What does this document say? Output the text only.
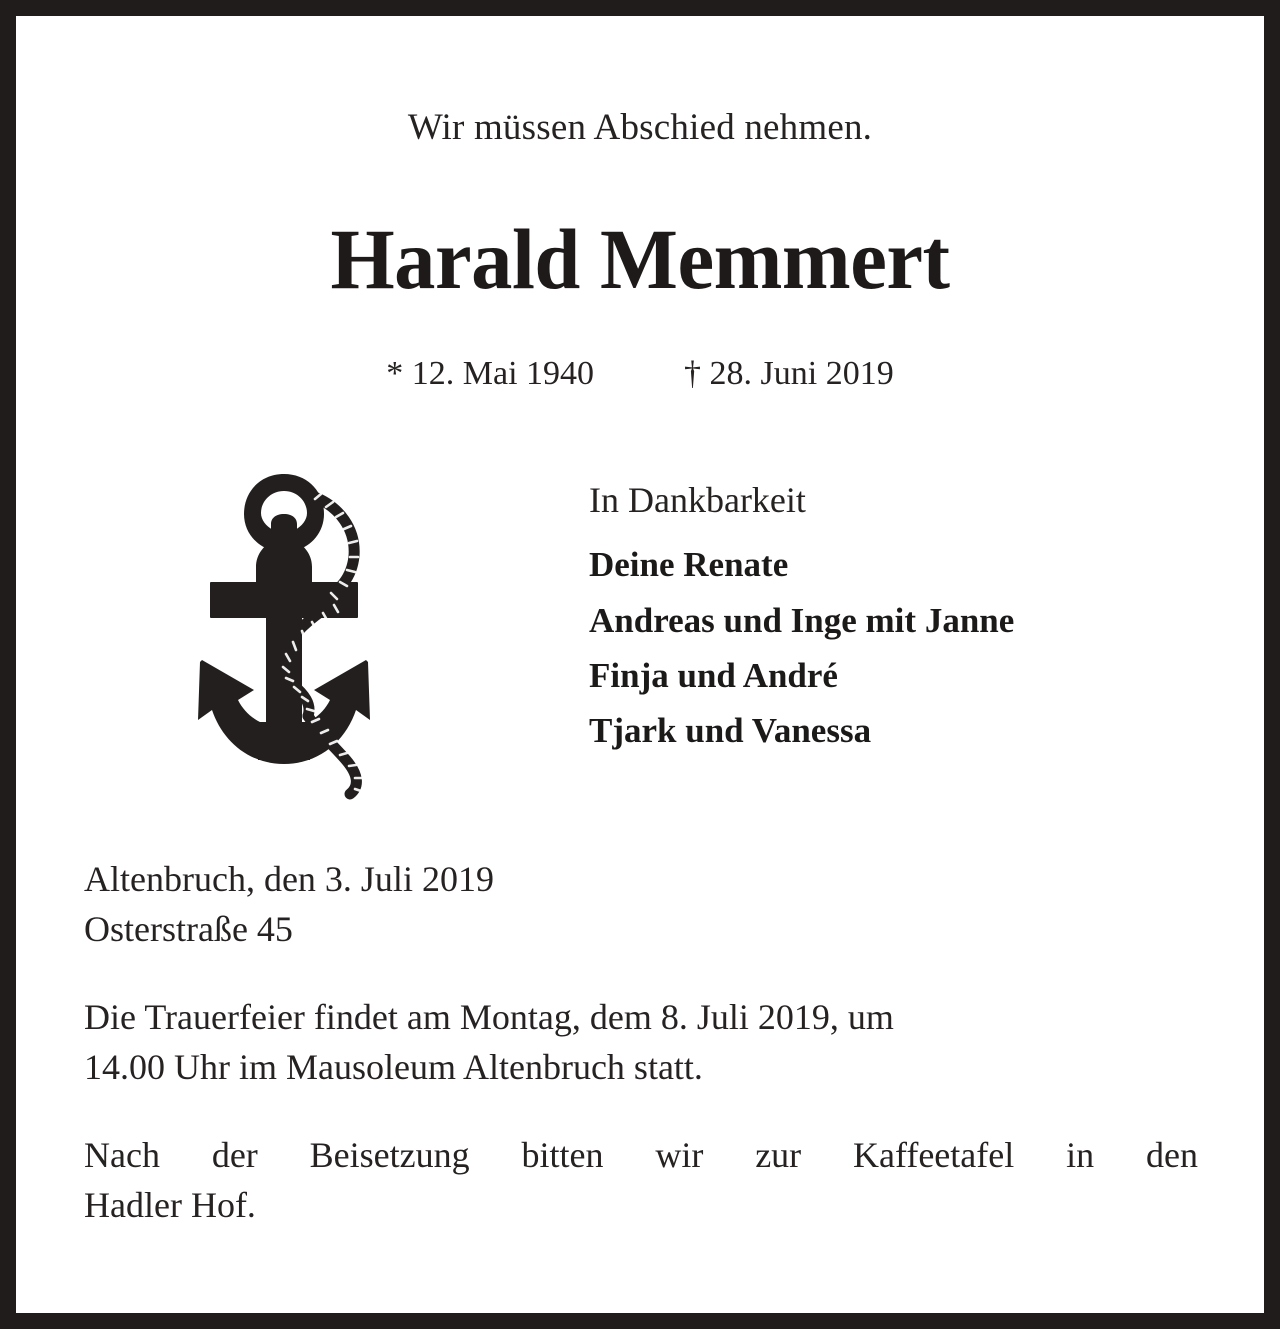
Wir müssen Abschied nehmen.
Harald Memmert
* 12. Mai 1940	† 28. Juni 2019
In Dankbarkeit
Deine Renate
Andreas und Inge mit Janne
Finja und André
Tjark und Vanessa
Altenbruch, den 3. Juli 2019
Osterstraße 45
Die Trauerfeier findet am Montag, dem 8. Juli 2019, um
14.00 Uhr im Mausoleum Altenbruch statt.
Nach der Beisetzung bitten wir zur Kaffeetafel in den
Hadler Hof.
